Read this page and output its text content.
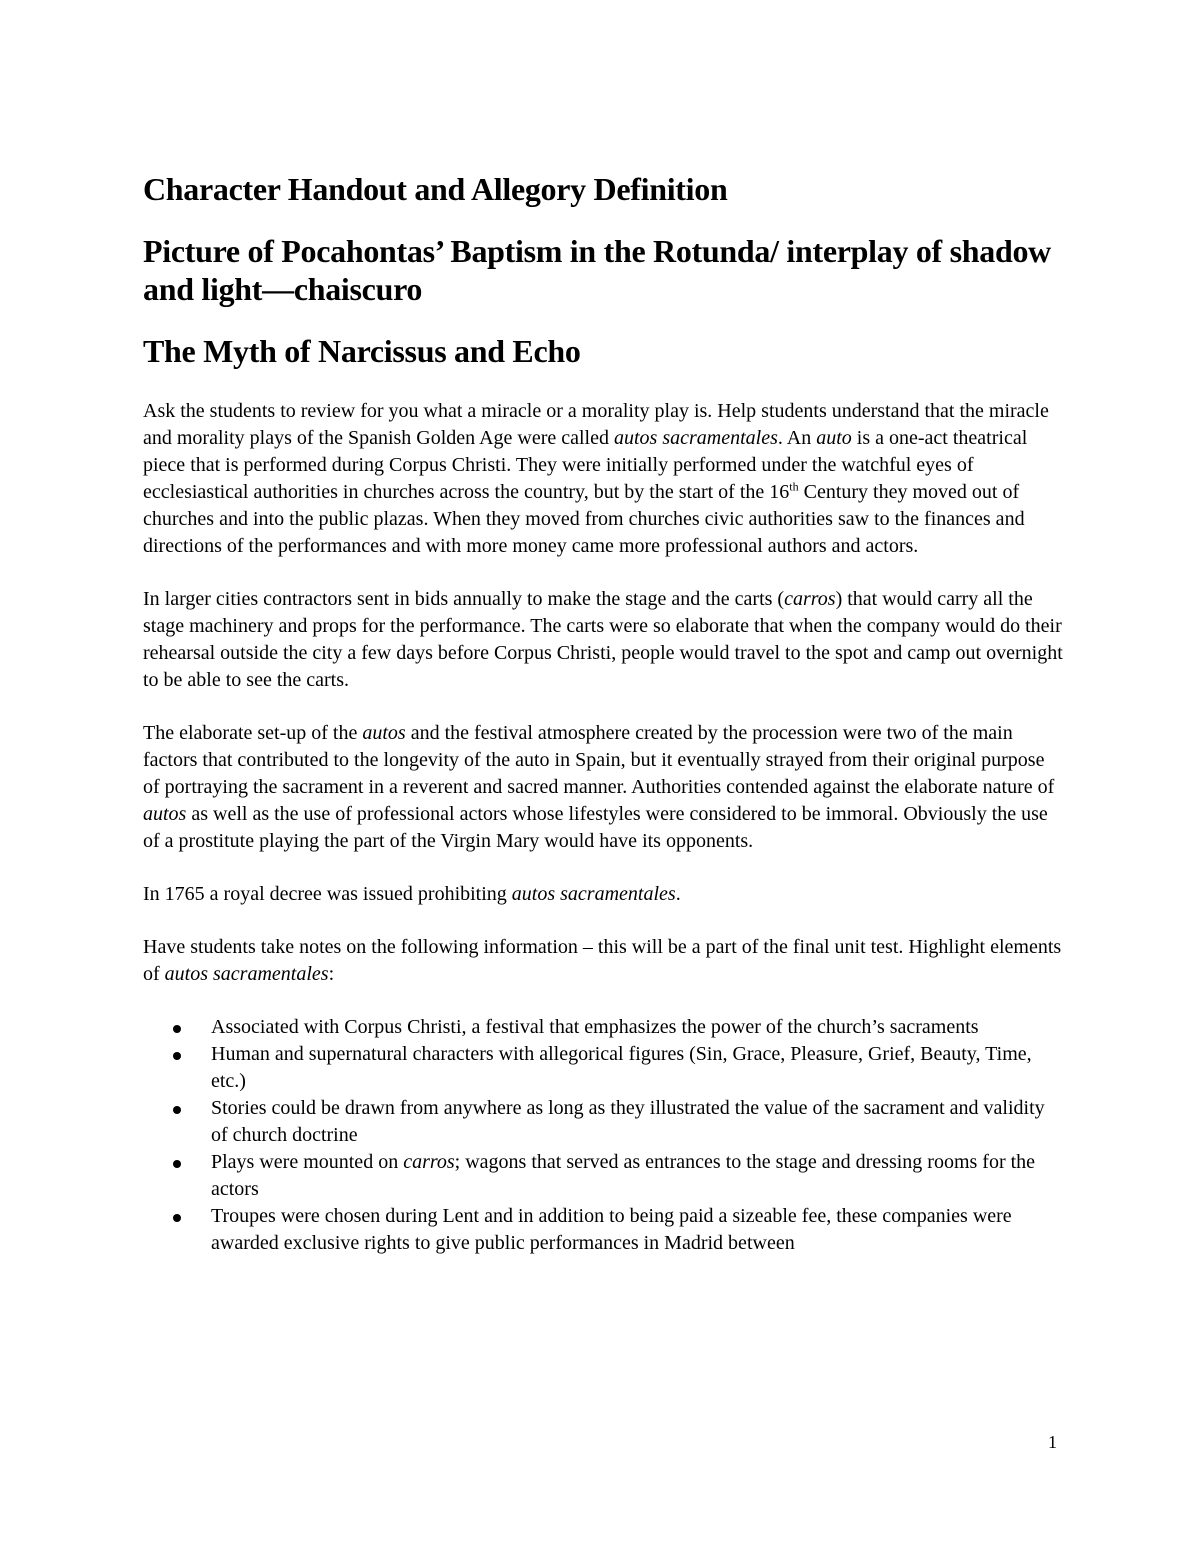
Character Handout and Allegory Definition
Picture of Pocahontas’ Baptism in the Rotunda/ interplay of shadow and light—chaiscuro
The Myth of Narcissus and Echo

Ask the students to review for you what a miracle or a morality play is. Help students understand that the miracle and morality plays of the Spanish Golden Age were called autos sacramentales. An auto is a one-act theatrical piece that is performed during Corpus Christi. They were initially performed under the watchful eyes of ecclesiastical authorities in churches across the country, but by the start of the 16th Century they moved out of churches and into the public plazas. When they moved from churches civic authorities saw to the finances and directions of the performances and with more money came more professional authors and actors.

In larger cities contractors sent in bids annually to make the stage and the carts (carros) that would carry all the stage machinery and props for the performance. The carts were so elaborate that when the company would do their rehearsal outside the city a few days before Corpus Christi, people would travel to the spot and camp out overnight to be able to see the carts.

The elaborate set-up of the autos and the festival atmosphere created by the procession were two of the main factors that contributed to the longevity of the auto in Spain, but it eventually strayed from their original purpose of portraying the sacrament in a reverent and sacred manner. Authorities contended against the elaborate nature of autos as well as the use of professional actors whose lifestyles were considered to be immoral. Obviously the use of a prostitute playing the part of the Virgin Mary would have its opponents.

In 1765 a royal decree was issued prohibiting autos sacramentales.

Have students take notes on the following information – this will be a part of the final unit test. Highlight elements of autos sacramentales:

Associated with Corpus Christi, a festival that emphasizes the power of the church’s sacraments
Human and supernatural characters with allegorical figures (Sin, Grace, Pleasure, Grief, Beauty, Time, etc.)
Stories could be drawn from anywhere as long as they illustrated the value of the sacrament and validity of church doctrine
Plays were mounted on carros; wagons that served as entrances to the stage and dressing rooms for the actors
Troupes were chosen during Lent and in addition to being paid a sizeable fee, these companies were awarded exclusive rights to give public performances in Madrid between
1
